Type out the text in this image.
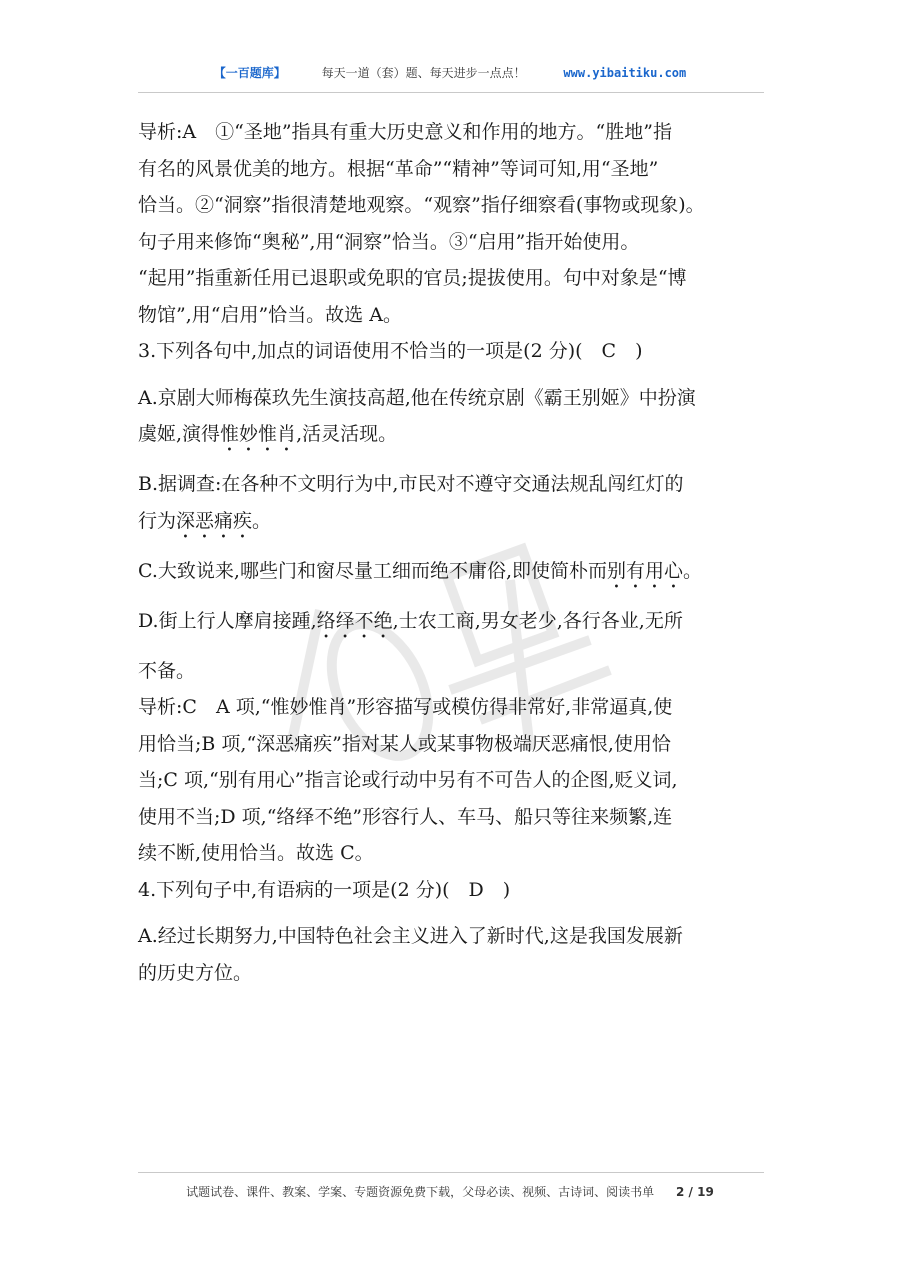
【一百题库】	每天一道（套）题、每天进步一点点！	www.yibaitiku.com

导析:A　①“圣地”指具有重大历史意义和作用的地方。“胜地”指

有名的风景优美的地方。根据“革命”“精神”等词可知,用“圣地”

恰当。②“洞察”指很清楚地观察。“观察”指仔细察看(事物或现象)。

句子用来修饰“奥秘”,用“洞察”恰当。③“启用”指开始使用。

“起用”指重新任用已退职或免职的官员;提拔使用。句中对象是“博

物馆”,用“启用”恰当。故选 A。

3.下列各句中,加点的词语使用不恰当的一项是(2 分)(　C　)

A.京剧大师梅葆玖先生演技高超,他在传统京剧《霸王别姬》中扮演

虞姬,演得惟妙惟肖,活灵活现。

B.据调查:在各种不文明行为中,市民对不遵守交通法规乱闯红灯的

行为深恶痛疾。

C.大致说来,哪些门和窗尽量工细而绝不庸俗,即使简朴而别有用心。

D.街上行人摩肩接踵,络绎不绝,士农工商,男女老少,各行各业,无所

不备。

导析:C　A 项,“惟妙惟肖”形容描写或模仿得非常好,非常逼真,使

用恰当;B 项,“深恶痛疾”指对某人或某事物极端厌恶痛恨,使用恰

当;C 项,“别有用心”指言论或行动中另有不可告人的企图,贬义词,

使用不当;D 项,“络绎不绝”形容行人、车马、船只等往来频繁,连

续不断,使用恰当。故选 C。

4.下列句子中,有语病的一项是(2 分)(　D　)

A.经过长期努力,中国特色社会主义进入了新时代,这是我国发展新

的历史方位。

试题试卷、课件、教案、学案、专题资源免费下载，父母必读、视频、古诗词、阅读书单 2 / 19
